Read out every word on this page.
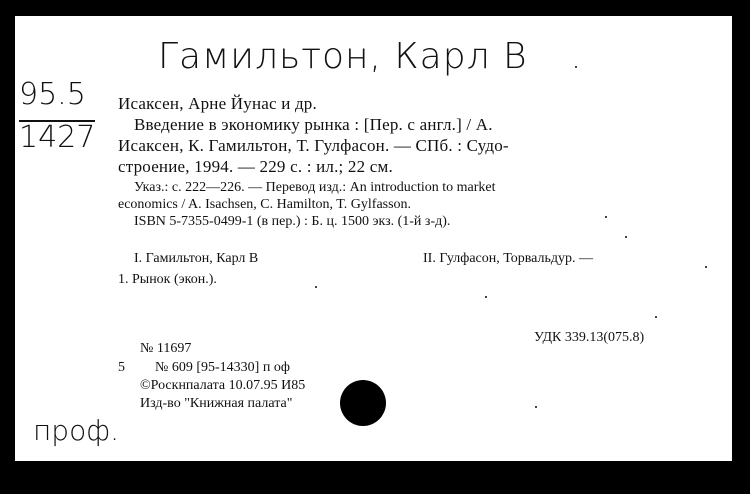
Гамильтон, Карл В
95.5
1427
Исаксен, Арне Йунас и др.
Введение в экономику рынка : [Пер. с англ.] / А.
Исаксен, К. Гамильтон, Т. Гулфасон. — СПб. : Судо-
строение, 1994. — 229 с. : ил.; 22 см.
Указ.: с. 222—226. — Перевод изд.: An introduction to market
economics / A. Isachsen, C. Hamilton, T. Gylfasson.
ISBN 5-7355-0499-1 (в пер.) : Б. ц. 1500 экз. (1-й з-д).
I. Гамильтон, Карл В	II. Гулфасон, Торвальдур. —
1. Рынок (экон.).
УДК 339.13(075.8)
№ 11697
5 № 609 [95-14330] п оф
©Роскнпалата 10.07.95 И85
Изд-во "Книжная палата"
проф.
